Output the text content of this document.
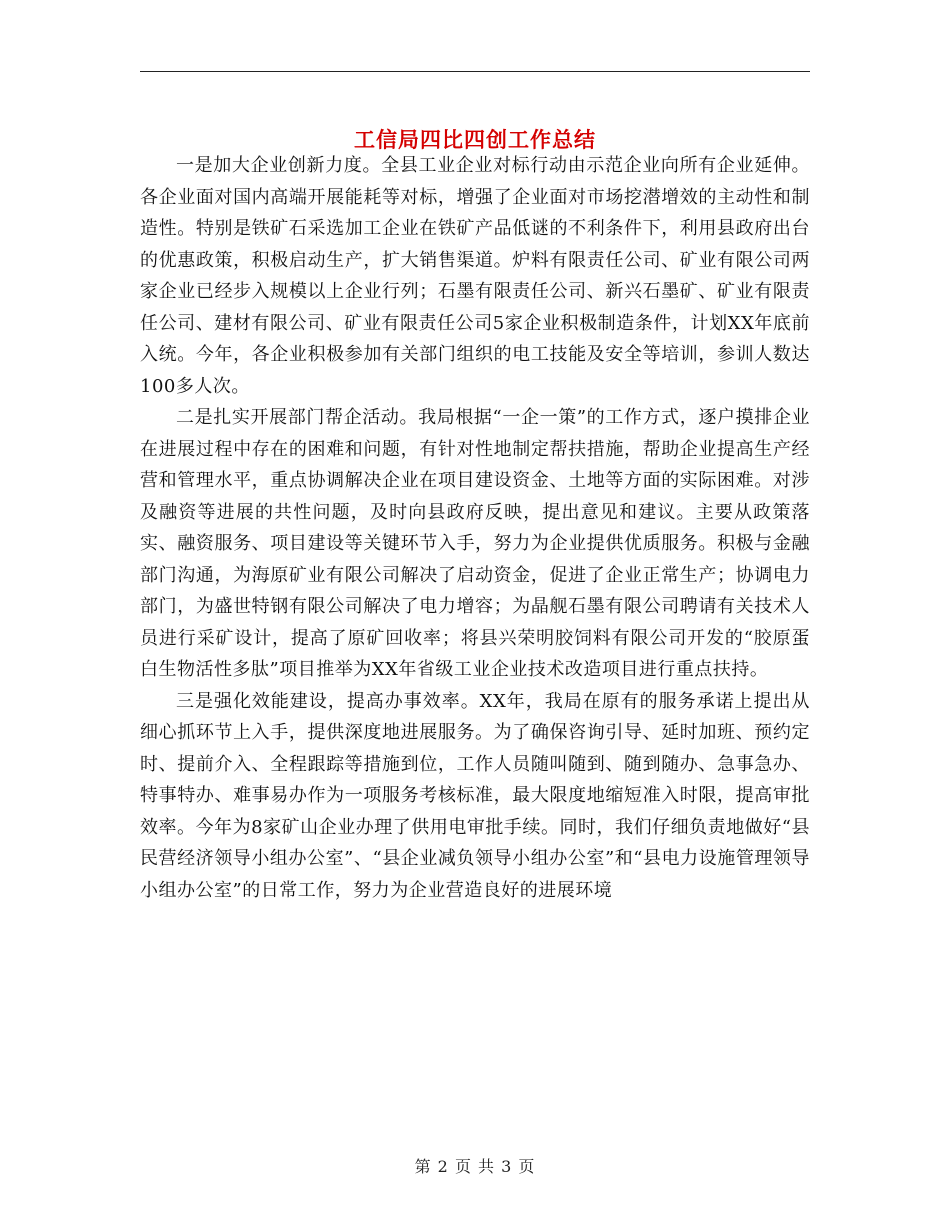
工信局四比四创工作总结

一是加大企业创新力度。全县工业企业对标行动由示范企业向所有企业延伸。各企业面对国内高端开展能耗等对标，增强了企业面对市场挖潜增效的主动性和制造性。特别是铁矿石采选加工企业在铁矿产品低谜的不利条件下，利用县政府出台的优惠政策，积极启动生产，扩大销售渠道。炉料有限责任公司、矿业有限公司两家企业已经步入规模以上企业行列；石墨有限责任公司、新兴石墨矿、矿业有限责任公司、建材有限公司、矿业有限责任公司5家企业积极制造条件，计划XX年底前入统。今年，各企业积极参加有关部门组织的电工技能及安全等培训，参训人数达100多人次。

二是扎实开展部门帮企活动。我局根据“一企一策”的工作方式，逐户摸排企业在进展过程中存在的困难和问题，有针对性地制定帮扶措施，帮助企业提高生产经营和管理水平，重点协调解决企业在项目建设资金、土地等方面的实际困难。对涉及融资等进展的共性问题，及时向县政府反映，提出意见和建议。主要从政策落实、融资服务、项目建设等关键环节入手，努力为企业提供优质服务。积极与金融部门沟通，为海原矿业有限公司解决了启动资金，促进了企业正常生产；协调电力部门，为盛世特钢有限公司解决了电力增容；为晶舰石墨有限公司聘请有关技术人员进行采矿设计，提高了原矿回收率；将县兴荣明胶饲料有限公司开发的“胶原蛋白生物活性多肽”项目推举为XX年省级工业企业技术改造项目进行重点扶持。

三是强化效能建设，提高办事效率。XX年，我局在原有的服务承诺上提出从细心抓环节上入手，提供深度地进展服务。为了确保咨询引导、延时加班、预约定时、提前介入、全程跟踪等措施到位，工作人员随叫随到、随到随办、急事急办、特事特办、难事易办作为一项服务考核标准，最大限度地缩短准入时限，提高审批效率。今年为8家矿山企业办理了供用电审批手续。同时，我们仔细负责地做好“县民营经济领导小组办公室”、“县企业减负领导小组办公室”和“县电力设施管理领导小组办公室”的日常工作，努力为企业营造良好的进展环境

第 2 页 共 3 页
